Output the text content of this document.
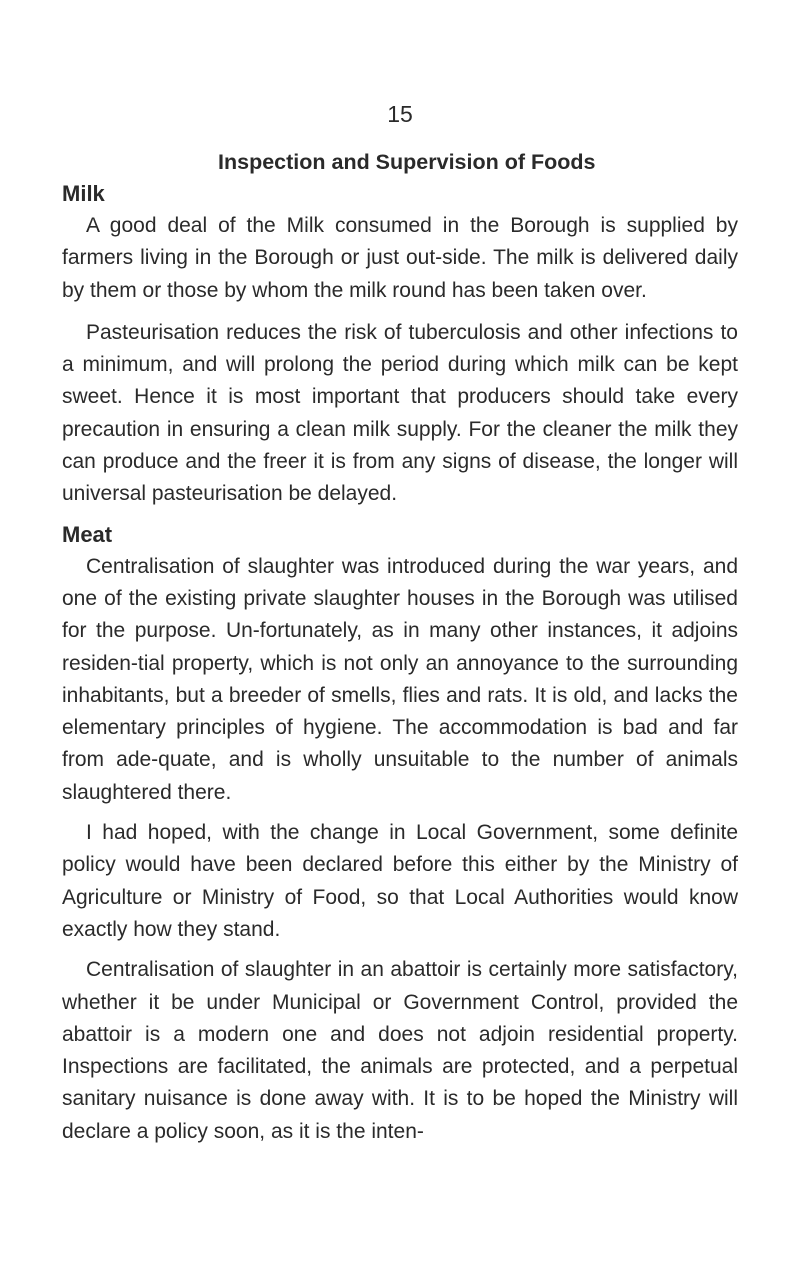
15
Inspection and Supervision of Foods
Milk

A good deal of the Milk consumed in the Borough is supplied by farmers living in the Borough or just out-side. The milk is delivered daily by them or those by whom the milk round has been taken over.

Pasteurisation reduces the risk of tuberculosis and other infections to a minimum, and will prolong the period during which milk can be kept sweet. Hence it is most important that producers should take every precaution in ensuring a clean milk supply. For the cleaner the milk they can produce and the freer it is from any signs of disease, the longer will universal pasteurisation be delayed.

Meat

Centralisation of slaughter was introduced during the war years, and one of the existing private slaughter houses in the Borough was utilised for the purpose. Un-fortunately, as in many other instances, it adjoins residen-tial property, which is not only an annoyance to the surrounding inhabitants, but a breeder of smells, flies and rats. It is old, and lacks the elementary principles of hygiene. The accommodation is bad and far from ade-quate, and is wholly unsuitable to the number of animals slaughtered there.

I had hoped, with the change in Local Government, some definite policy would have been declared before this either by the Ministry of Agriculture or Ministry of Food, so that Local Authorities would know exactly how they stand.

Centralisation of slaughter in an abattoir is certainly more satisfactory, whether it be under Municipal or Government Control, provided the abattoir is a modern one and does not adjoin residential property. Inspections are facilitated, the animals are protected, and a perpetual sanitary nuisance is done away with. It is to be hoped the Ministry will declare a policy soon, as it is the inten-
